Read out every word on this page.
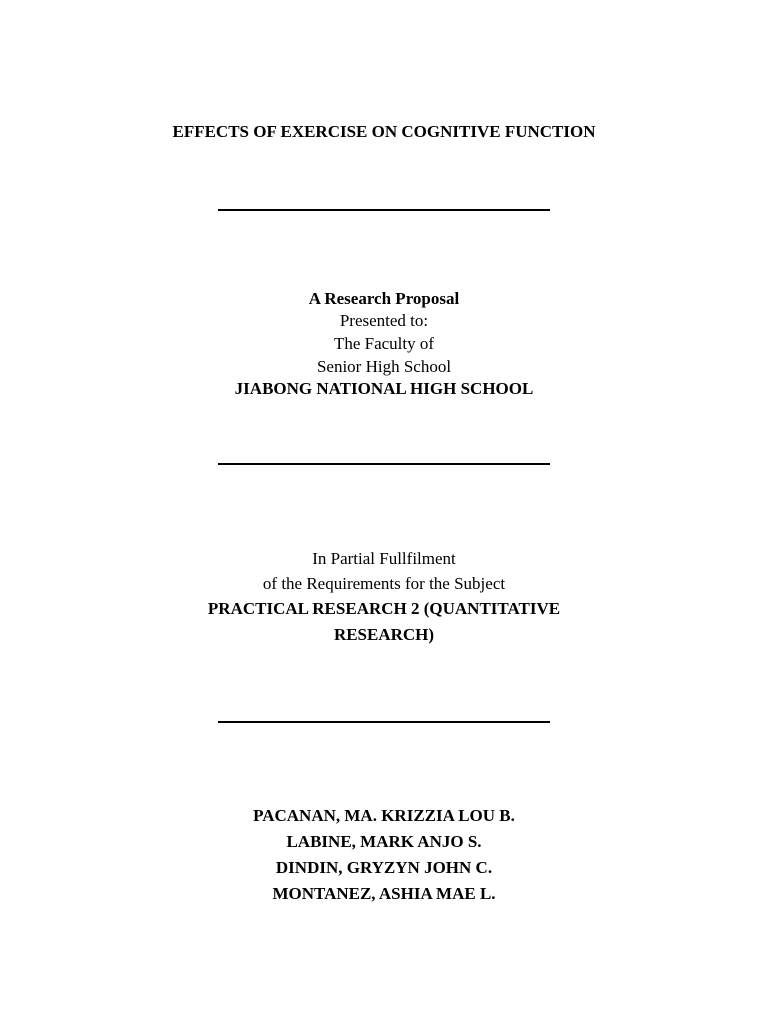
EFFECTS OF EXERCISE ON COGNITIVE FUNCTION
A Research Proposal
Presented to:
The Faculty of
Senior High School
JIABONG NATIONAL HIGH SCHOOL
In Partial Fullfilment
of the Requirements for the Subject
PRACTICAL RESEARCH 2 (QUANTITATIVE
RESEARCH)
PACANAN, MA. KRIZZIA LOU B.
LABINE, MARK ANJO S.
DINDIN, GRYZYN JOHN C.
MONTANEZ, ASHIA MAE L.
